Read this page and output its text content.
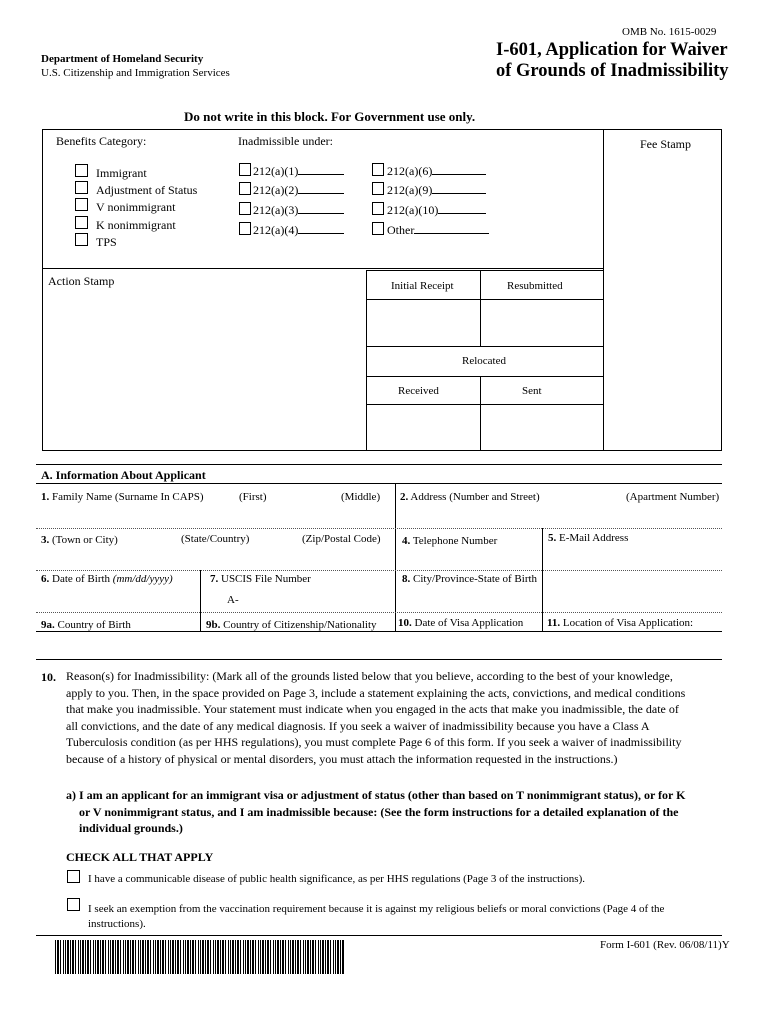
OMB No. 1615-0029
Department of Homeland Security
U.S. Citizenship and Immigration Services
I-601, Application for Waiver
of Grounds of Inadmissibility
Do not write in this block. For Government use only.
Benefits Category:	Inadmissible under:	Fee Stamp
Immigrant
Adjustment of Status
V nonimmigrant
K nonimmigrant
TPS
212(a)(1)
212(a)(2)
212(a)(3)
212(a)(4)
212(a)(6)
212(a)(9)
212(a)(10)
Other
Action Stamp	Initial Receipt	Resubmitted
Relocated
Received	Sent
A. Information About Applicant
1. Family Name (Surname In CAPS)	(First)	(Middle) 2. Address (Number and Street)	(Apartment Number)
3. (Town or City)	(State/Country)	(Zip/Postal Code) 4. Telephone Number	5. E-Mail Address
6. Date of Birth (mm/dd/yyyy)	7. USCIS File Number
A-
8. City/Province-State of Birth
9a. Country of Birth	9b. Country of Citizenship/Nationality 10. Date of Visa Application 11. Location of Visa Application:
10. Reason(s) for Inadmissibility: (Mark all of the grounds listed below that you believe, according to the best of your knowledge,
apply to you. Then, in the space provided on Page 3, include a statement explaining the acts, convictions, and medical conditions
that make you inadmissible. Your statement must indicate when you engaged in the acts that make you inadmissible, the date of
all convictions, and the date of any medical diagnosis. If you seek a waiver of inadmissibility because you have a Class A
Tuberculosis condition (as per HHS regulations), you must complete Page 6 of this form. If you seek a waiver of inadmissibility
because of a history of physical or mental disorders, you must attach the information requested in the instructions.)
a) I am an applicant for an immigrant visa or adjustment of status (other than based on T nonimmigrant status), or for K
or V nonimmigrant status, and I am inadmissible because: (See the form instructions for a detailed explanation of the
individual grounds.)
CHECK ALL THAT APPLY
I have a communicable disease of public health significance, as per HHS regulations (Page 3 of the instructions).
I seek an exemption from the vaccination requirement because it is against my religious beliefs or moral convictions (Page 4 of the
instructions).
Form I-601 (Rev. 06/08/11)Y
